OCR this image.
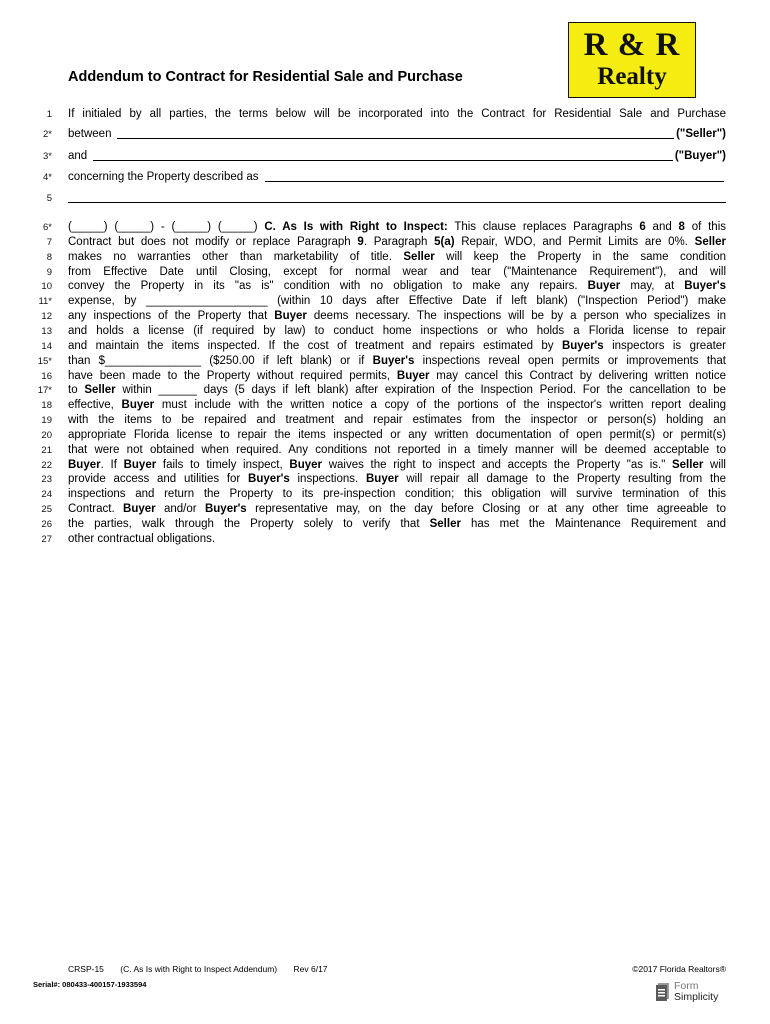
R & R
Realty
Addendum to Contract for Residential Sale and Purchase
1 If initialed by all parties, the terms below will be incorporated into the Contract for Residential Sale and Purchase
2* between	("Seller")
3* and	("Buyer")
4* concerning the Property described as
5
6* (_____) (_____) - (_____) (_____) C. As Is with Right to Inspect: This clause replaces Paragraphs 6 and 8 of this
7 Contract but does not modify or replace Paragraph 9. Paragraph 5(a) Repair, WDO, and Permit Limits are 0%. Seller
8 makes no warranties other than marketability of title. Seller will keep the Property in the same condition
9 from Effective Date until Closing, except for normal wear and tear ("Maintenance Requirement"), and will
10 convey the Property in its "as is" condition with no obligation to make any repairs. Buyer may, at Buyer's
11* expense, by ___________________ (within 10 days after Effective Date if left blank) ("Inspection Period") make
12 any inspections of the Property that Buyer deems necessary. The inspections will be by a person who specializes in
13 and holds a license (if required by law) to conduct home inspections or who holds a Florida license to repair
14 and maintain the items inspected. If the cost of treatment and repairs estimated by Buyer's inspectors is greater
15* than $_______________ ($250.00 if left blank) or if Buyer's inspections reveal open permits or improvements that
16 have been made to the Property without required permits, Buyer may cancel this Contract by delivering written notice
17* to Seller within ______ days (5 days if left blank) after expiration of the Inspection Period. For the cancellation to be
18 effective, Buyer must include with the written notice a copy of the portions of the inspector's written report dealing
19 with the items to be repaired and treatment and repair estimates from the inspector or person(s) holding an
20 appropriate Florida license to repair the items inspected or any written documentation of open permit(s) or permit(s)
21 that were not obtained when required. Any conditions not reported in a timely manner will be deemed acceptable to
22 Buyer. If Buyer fails to timely inspect, Buyer waives the right to inspect and accepts the Property "as is." Seller will
23 provide access and utilities for Buyer's inspections. Buyer will repair all damage to the Property resulting from the
24 inspections and return the Property to its pre-inspection condition; this obligation will survive termination of this
25 Contract. Buyer and/or Buyer's representative may, on the day before Closing or at any other time agreeable to
26 the parties, walk through the Property solely to verify that Seller has met the Maintenance Requirement and
27 other contractual obligations.
CRSP-15 (C. As Is with Right to Inspect Addendum) Rev 6/17	©2017 Florida Realtors®
Serial#: 080433-400157-1933594	Form
Simplicity
